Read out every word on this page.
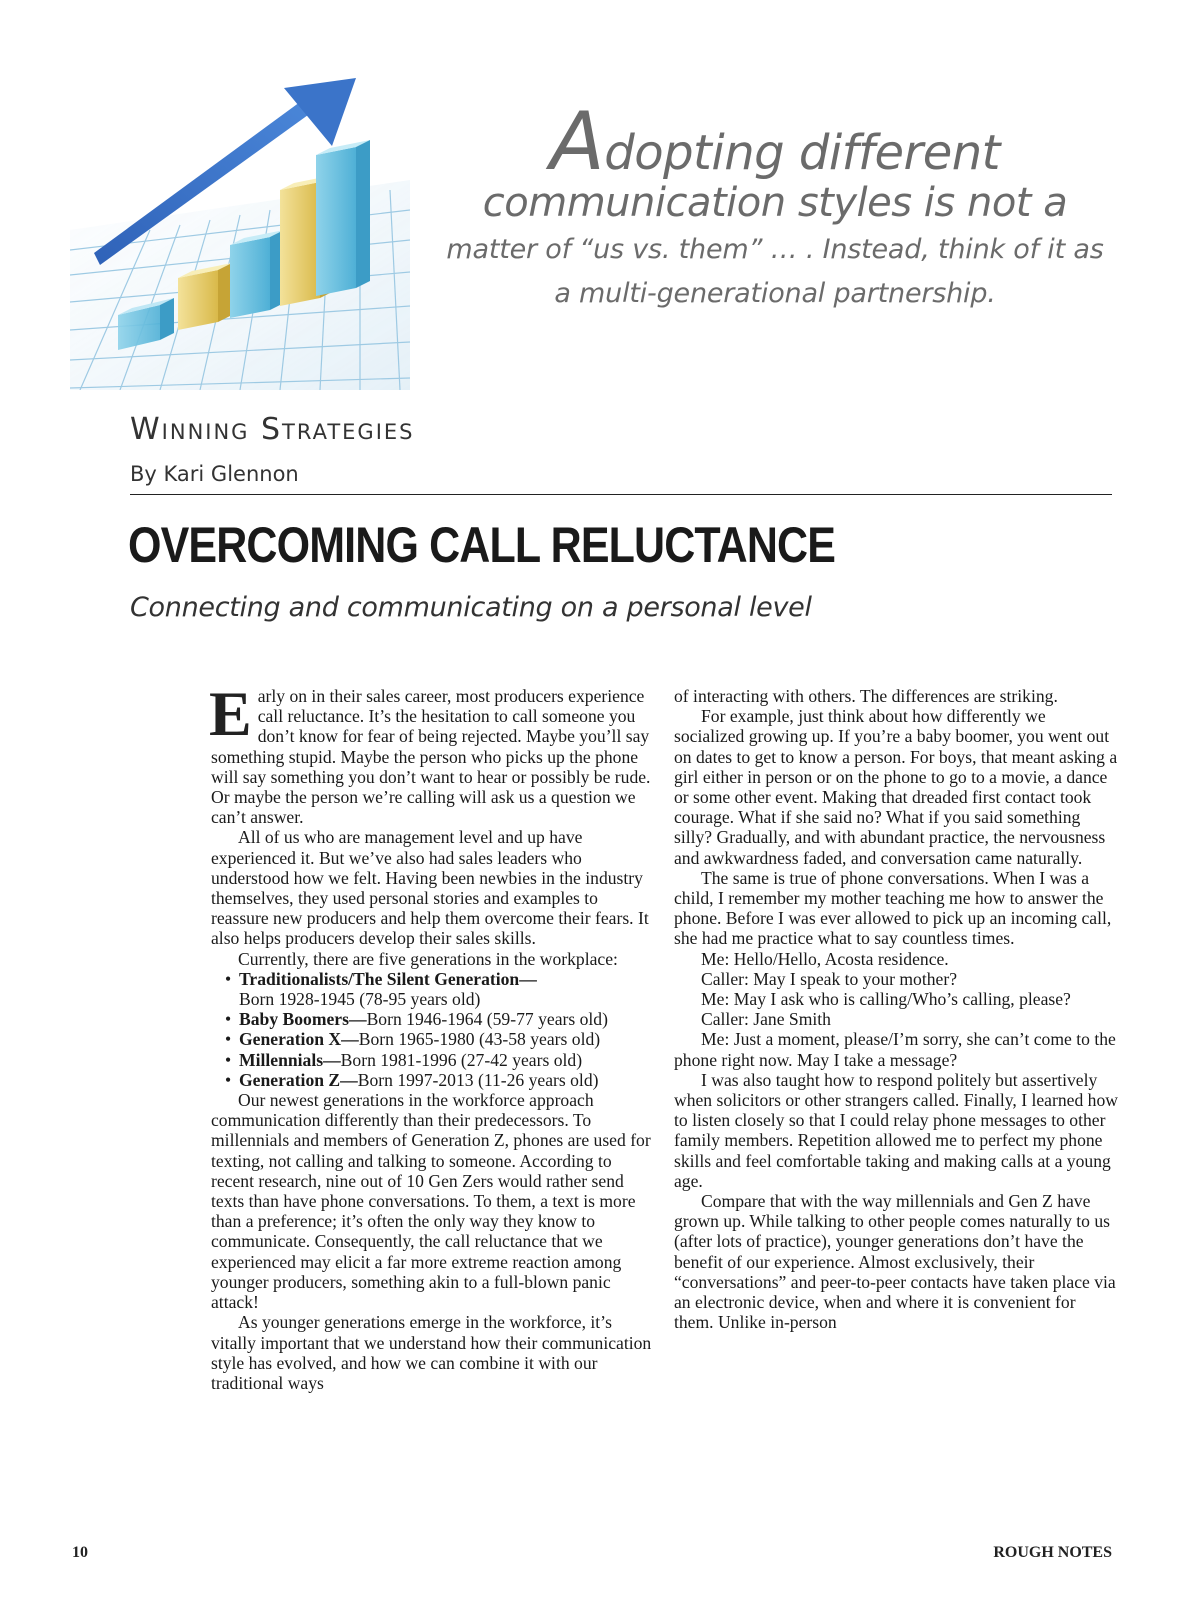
Adopting different
communication styles is not a
matter of “us vs. them” … . Instead, think of it as
a multi-generational partnership.
Winning Strategies
By Kari Glennon
OVERCOMING CALL RELUCTANCE
Connecting and communicating on a personal level

Early on in their sales career, most producers experience call reluctance. It’s the hesitation to call someone you don’t know for fear of being rejected. Maybe you’ll say something stupid. Maybe the person who picks up the phone will say something you don’t want to hear or possibly be rude. Or maybe the person we’re calling will ask us a question we can’t answer.

All of us who are management level and up have experienced it. But we’ve also had sales leaders who understood how we felt. Having been newbies in the industry themselves, they used personal stories and examples to reassure new producers and help them overcome their fears. It also helps producers develop their sales skills.

Currently, there are five generations in the workplace:

• Traditionalists/The Silent Generation—
Born 1928-1945 (78-95 years old)
• Baby Boomers—Born 1946-1964 (59-77 years old)
• Generation X—Born 1965-1980 (43-58 years old)
• Millennials—Born 1981-1996 (27-42 years old)
• Generation Z—Born 1997-2013 (11-26 years old)

Our newest generations in the workforce approach communication differently than their predecessors. To millennials and members of Generation Z, phones are used for texting, not calling and talking to someone. According to recent research, nine out of 10 Gen Zers would rather send texts than have phone conversations. To them, a text is more than a preference; it’s often the only way they know to communicate. Consequently, the call reluctance that we experienced may elicit a far more extreme reaction among younger producers, something akin to a full-blown panic attack!

As younger generations emerge in the workforce, it’s vitally important that we understand how their communication style has evolved, and how we can combine it with our traditional ways

of interacting with others. The differences are striking.

For example, just think about how differently we socialized growing up. If you’re a baby boomer, you went out on dates to get to know a person. For boys, that meant asking a girl either in person or on the phone to go to a movie, a dance or some other event. Making that dreaded first contact took courage. What if she said no? What if you said something silly? Gradually, and with abundant practice, the nervousness and awkwardness faded, and conversation came naturally.

The same is true of phone conversations. When I was a child, I remember my mother teaching me how to answer the phone. Before I was ever allowed to pick up an incoming call, she had me practice what to say countless times.

Me: Hello/Hello, Acosta residence.

Caller: May I speak to your mother?

Me: May I ask who is calling/Who’s calling, please?

Caller: Jane Smith

Me: Just a moment, please/I’m sorry, she can’t come to the phone right now. May I take a message?

I was also taught how to respond politely but assertively when solicitors or other strangers called. Finally, I learned how to listen closely so that I could relay phone messages to other family members. Repetition allowed me to perfect my phone skills and feel comfortable taking and making calls at a young age.

Compare that with the way millennials and Gen Z have grown up. While talking to other people comes naturally to us (after lots of practice), younger generations don’t have the benefit of our experience. Almost exclusively, their “conversations” and peer-to-peer contacts have taken place via an electronic device, when and where it is convenient for them. Unlike in-person

10	ROUGH NOTES
